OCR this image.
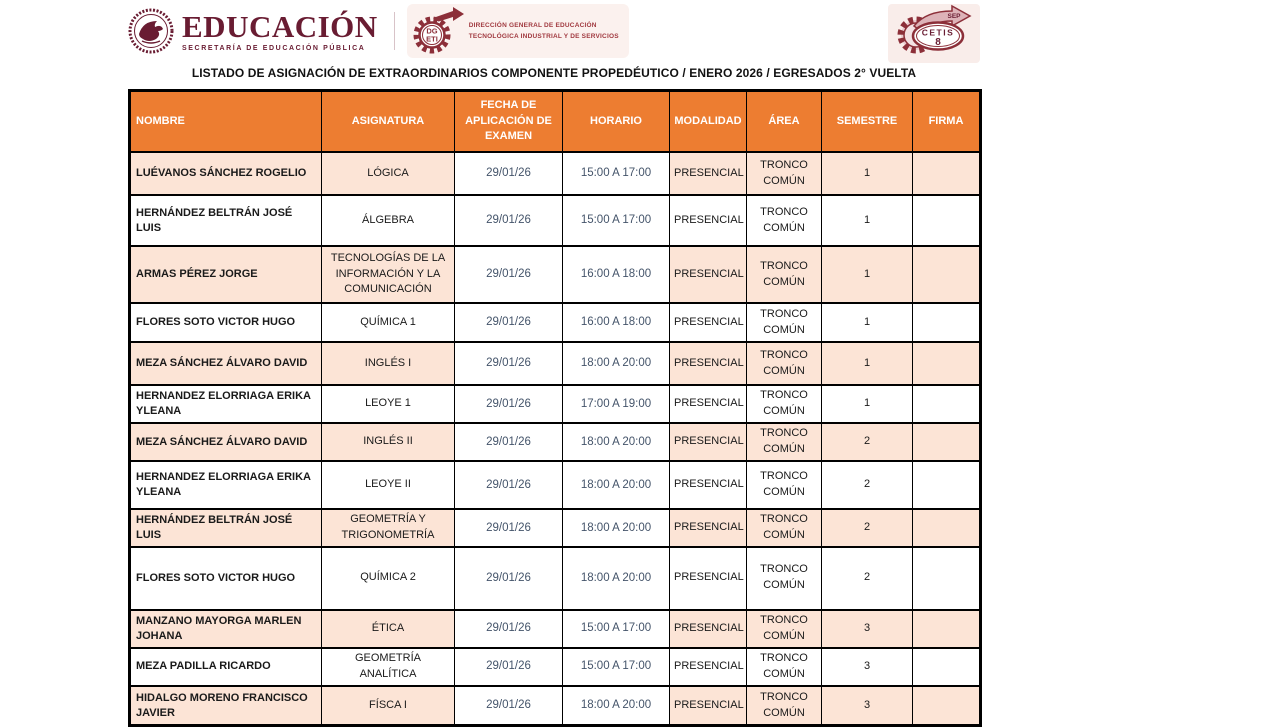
EDUCACIÓN
SECRETARÍA DE EDUCACIÓN PÚBLICA
DG
ETI
DIRECCIÓN GENERAL DE EDUCACIÓN
TECNOLÓGICA INDUSTRIAL Y DE SERVICIOS
SEP
CETIS
8
LISTADO DE ASIGNACIÓN DE EXTRAORDINARIOS COMPONENTE PROPEDÉUTICO / ENERO 2026 / EGRESADOS 2° VUELTA
NOMBRE	ASIGNATURA	FECHA DE APLICACIÓN DE EXAMEN	HORARIO	MODALIDAD	ÁREA	SEMESTRE	FIRMA
LUÉVANOS SÁNCHEZ ROGELIO	LÓGICA	29/01/26	15:00 A 17:00	PRESENCIAL	TRONCO COMÚN	1	
HERNÁNDEZ BELTRÁN JOSÉ LUIS	ÁLGEBRA	29/01/26	15:00 A 17:00	PRESENCIAL	TRONCO COMÚN	1	
ARMAS PÉREZ JORGE	TECNOLOGÍAS DE LA INFORMACIÓN Y LA COMUNICACIÓN	29/01/26	16:00 A 18:00	PRESENCIAL	TRONCO COMÚN	1	
FLORES SOTO VICTOR HUGO	QUÍMICA 1	29/01/26	16:00 A 18:00	PRESENCIAL	TRONCO COMÚN	1	
MEZA SÁNCHEZ ÁLVARO DAVID	INGLÉS I	29/01/26	18:00 A 20:00	PRESENCIAL	TRONCO COMÚN	1	
HERNANDEZ ELORRIAGA ERIKA YLEANA	LEOYE 1	29/01/26	17:00 A 19:00	PRESENCIAL	TRONCO COMÚN	1	
MEZA SÁNCHEZ ÁLVARO DAVID	INGLÉS II	29/01/26	18:00 A 20:00	PRESENCIAL	TRONCO COMÚN	2	
HERNANDEZ ELORRIAGA ERIKA YLEANA	LEOYE II	29/01/26	18:00 A 20:00	PRESENCIAL	TRONCO COMÚN	2	
HERNÁNDEZ BELTRÁN JOSÉ LUIS	GEOMETRÍA Y TRIGONOMETRÍA	29/01/26	18:00 A 20:00	PRESENCIAL	TRONCO COMÚN	2	
FLORES SOTO VICTOR HUGO	QUÍMICA 2	29/01/26	18:00 A 20:00	PRESENCIAL	TRONCO COMÚN	2	
MANZANO MAYORGA MARLEN JOHANA	ÉTICA	29/01/26	15:00 A 17:00	PRESENCIAL	TRONCO COMÚN	3	
MEZA PADILLA RICARDO	GEOMETRÍA ANALÍTICA	29/01/26	15:00 A 17:00	PRESENCIAL	TRONCO COMÚN	3	
HIDALGO MORENO FRANCISCO JAVIER	FÍSCA I	29/01/26	18:00 A 20:00	PRESENCIAL	TRONCO COMÚN	3	
